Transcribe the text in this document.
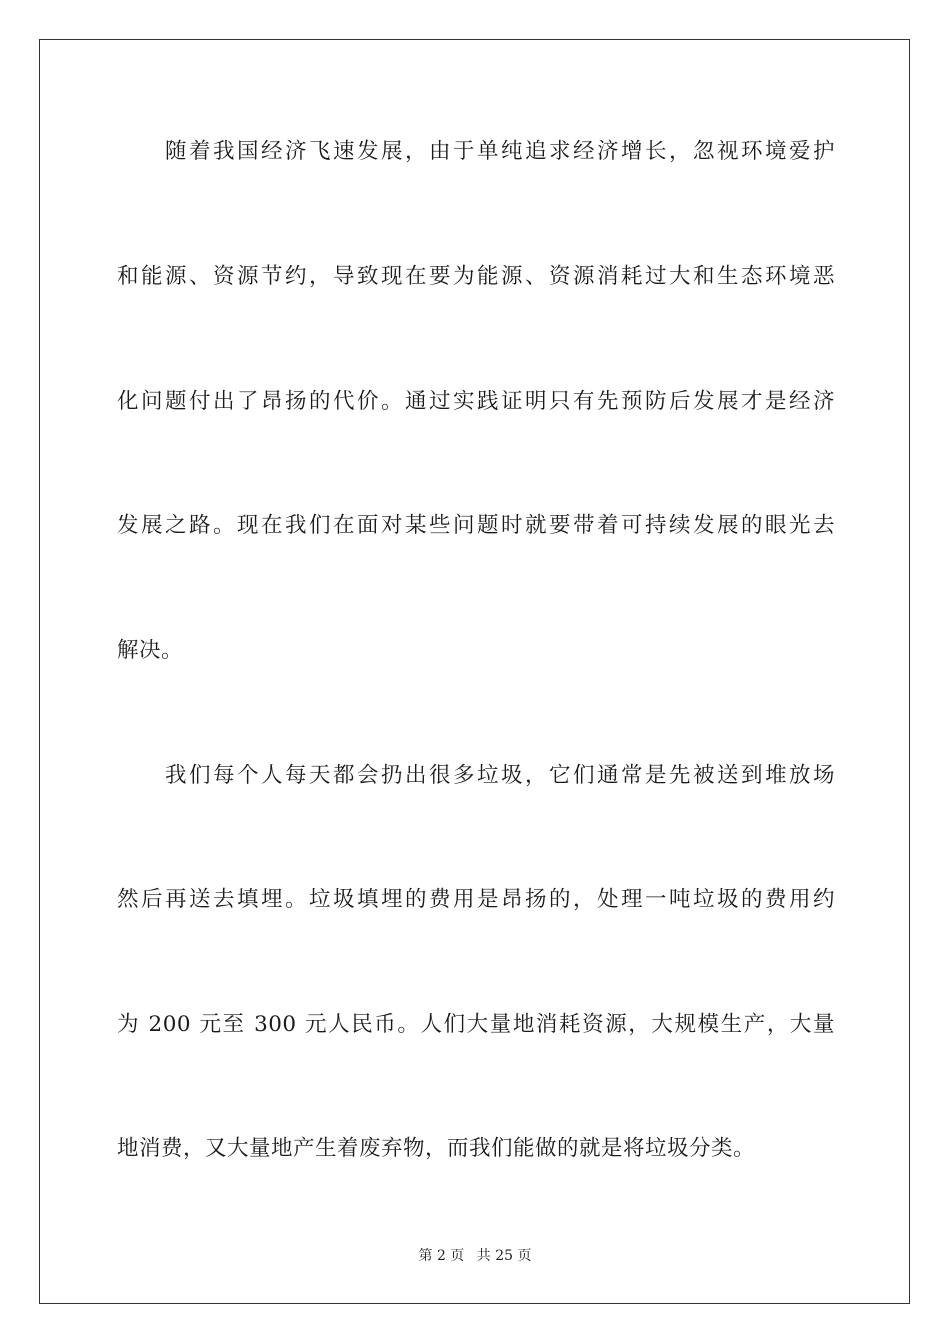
随着我国经济飞速发展，由于单纯追求经济增长，忽视环境爱护
和能源、资源节约，导致现在要为能源、资源消耗过大和生态环境恶
化问题付出了昂扬的代价。通过实践证明只有先预防后发展才是经济
发展之路。现在我们在面对某些问题时就要带着可持续发展的眼光去
解决。
我们每个人每天都会扔出很多垃圾，它们通常是先被送到堆放场
然后再送去填埋。垃圾填埋的费用是昂扬的，处理一吨垃圾的费用约
为 200 元至 300 元人民币。人们大量地消耗资源，大规模生产，大量
地消费，又大量地产生着废弃物，而我们能做的就是将垃圾分类。
第 2 页 共 25 页
